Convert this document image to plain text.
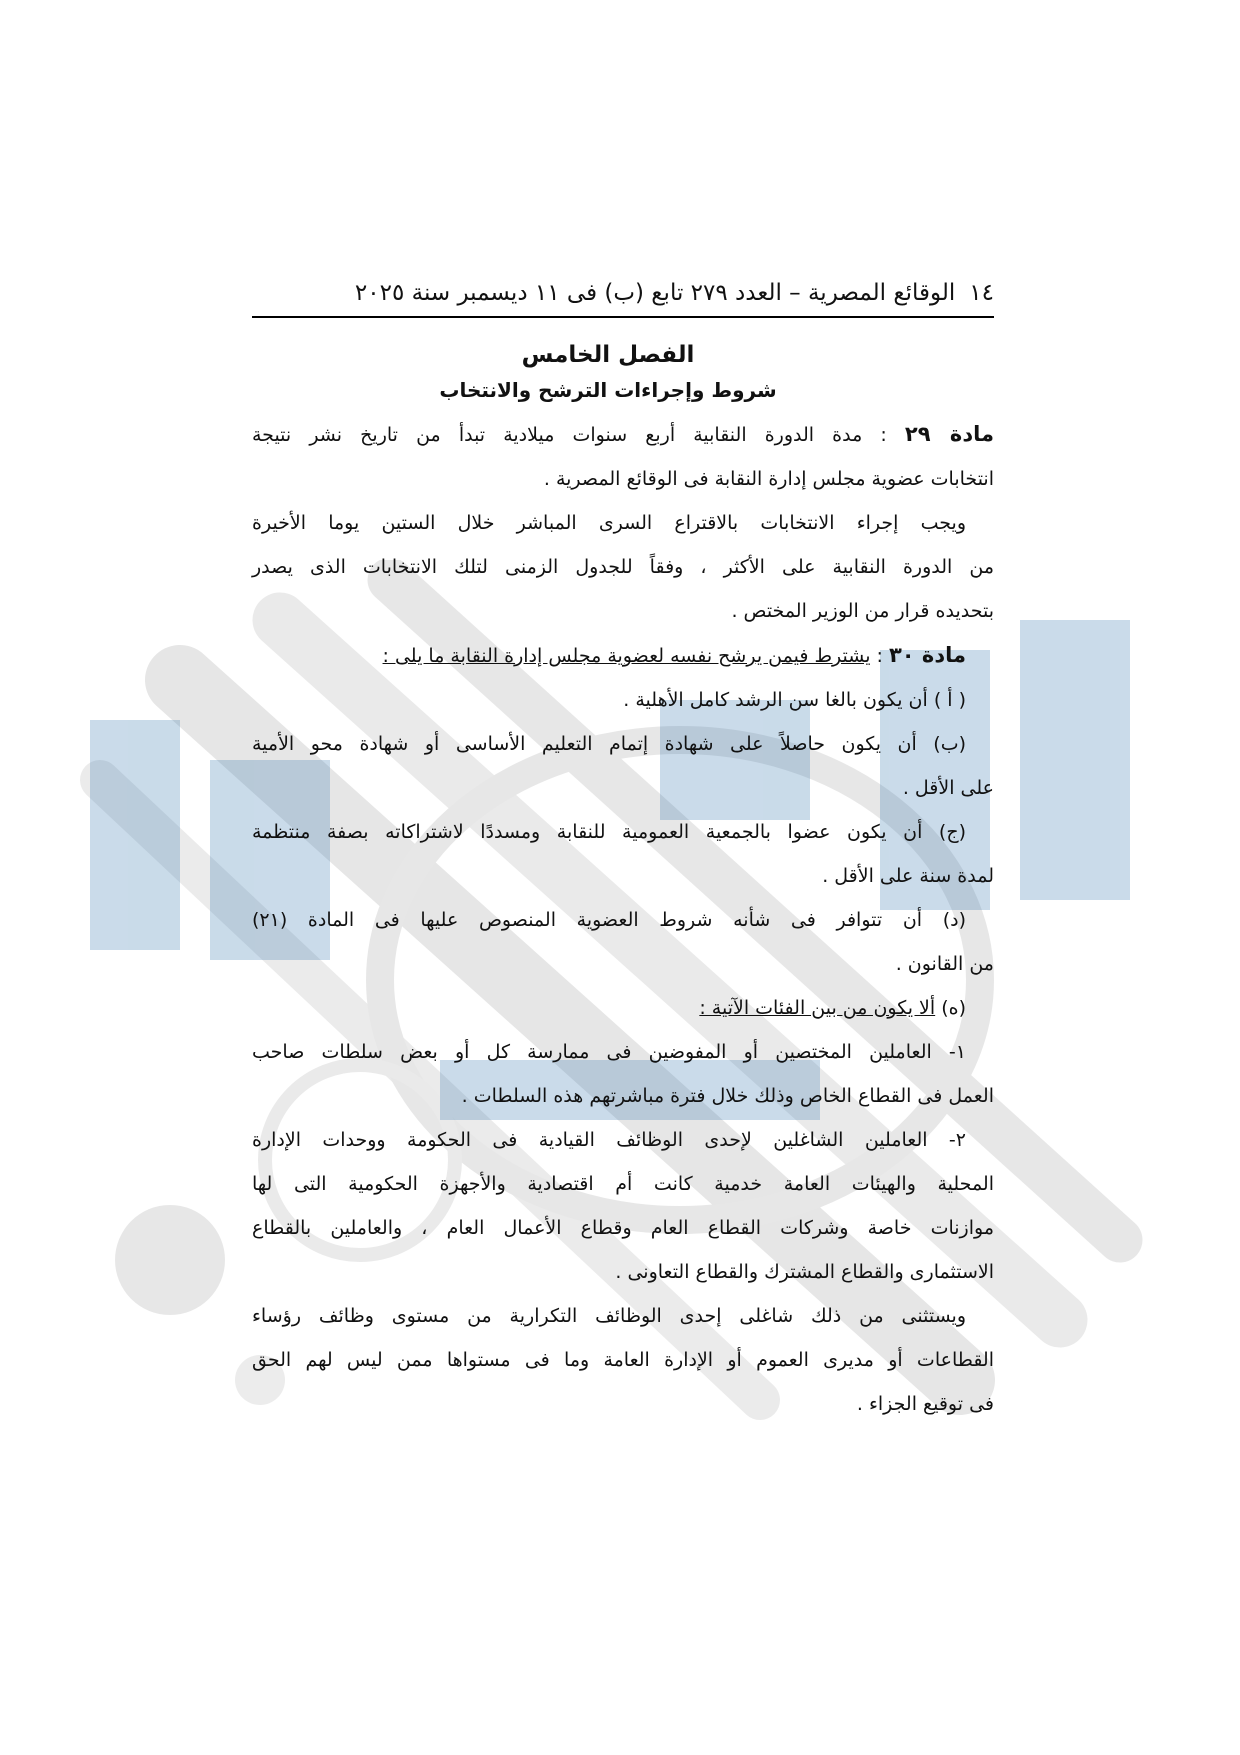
١٤الوقائع المصرية – العدد ٢٧٩ تابع (ب) فى ١١ ديسمبر سنة ٢٠٢٥
الفصل الخامس
شروط وإجراءات الترشح والانتخاب

مادة ٢٩ : مدة الدورة النقابية أربع سنوات ميلادية تبدأ من تاريخ نشر نتيجة

انتخابات عضوية مجلس إدارة النقابة فى الوقائع المصرية .

ويجب إجراء الانتخابات بالاقتراع السرى المباشر خلال الستين يوما الأخيرة

من الدورة النقابية على الأكثر ، وفقاً للجدول الزمنى لتلك الانتخابات الذى يصدر

بتحديده قرار من الوزير المختص .

مادة ٣٠ : يشترط فيمن يرشح نفسه لعضوية مجلس إدارة النقابة ما يلى :

( أ ) أن يكون بالغا سن الرشد كامل الأهلية .

(ب) أن يكون حاصلاً على شهادة إتمام التعليم الأساسى أو شهادة محو الأمية

على الأقل .

(ج) أن يكون عضوا بالجمعية العمومية للنقابة ومسددًا لاشتراكاته بصفة منتظمة

لمدة سنة على الأقل .

(د) أن تتوافر فى شأنه شروط العضوية المنصوص عليها فى المادة (٢١)

من القانون .

(ه) ألا يكون من بين الفئات الآتية :

١- العاملين المختصين أو المفوضين فى ممارسة كل أو بعض سلطات صاحب

العمل فى القطاع الخاص وذلك خلال فترة مباشرتهم هذه السلطات .

٢- العاملين الشاغلين لإحدى الوظائف القيادية فى الحكومة ووحدات الإدارة

المحلية والهيئات العامة خدمية كانت أم اقتصادية والأجهزة الحكومية التى لها

موازنات خاصة وشركات القطاع العام وقطاع الأعمال العام ، والعاملين بالقطاع

الاستثمارى والقطاع المشترك والقطاع التعاونى .

ويستثنى من ذلك شاغلى إحدى الوظائف التكرارية من مستوى وظائف رؤساء

القطاعات أو مديرى العموم أو الإدارة العامة وما فى مستواها ممن ليس لهم الحق

فى توقيع الجزاء .
